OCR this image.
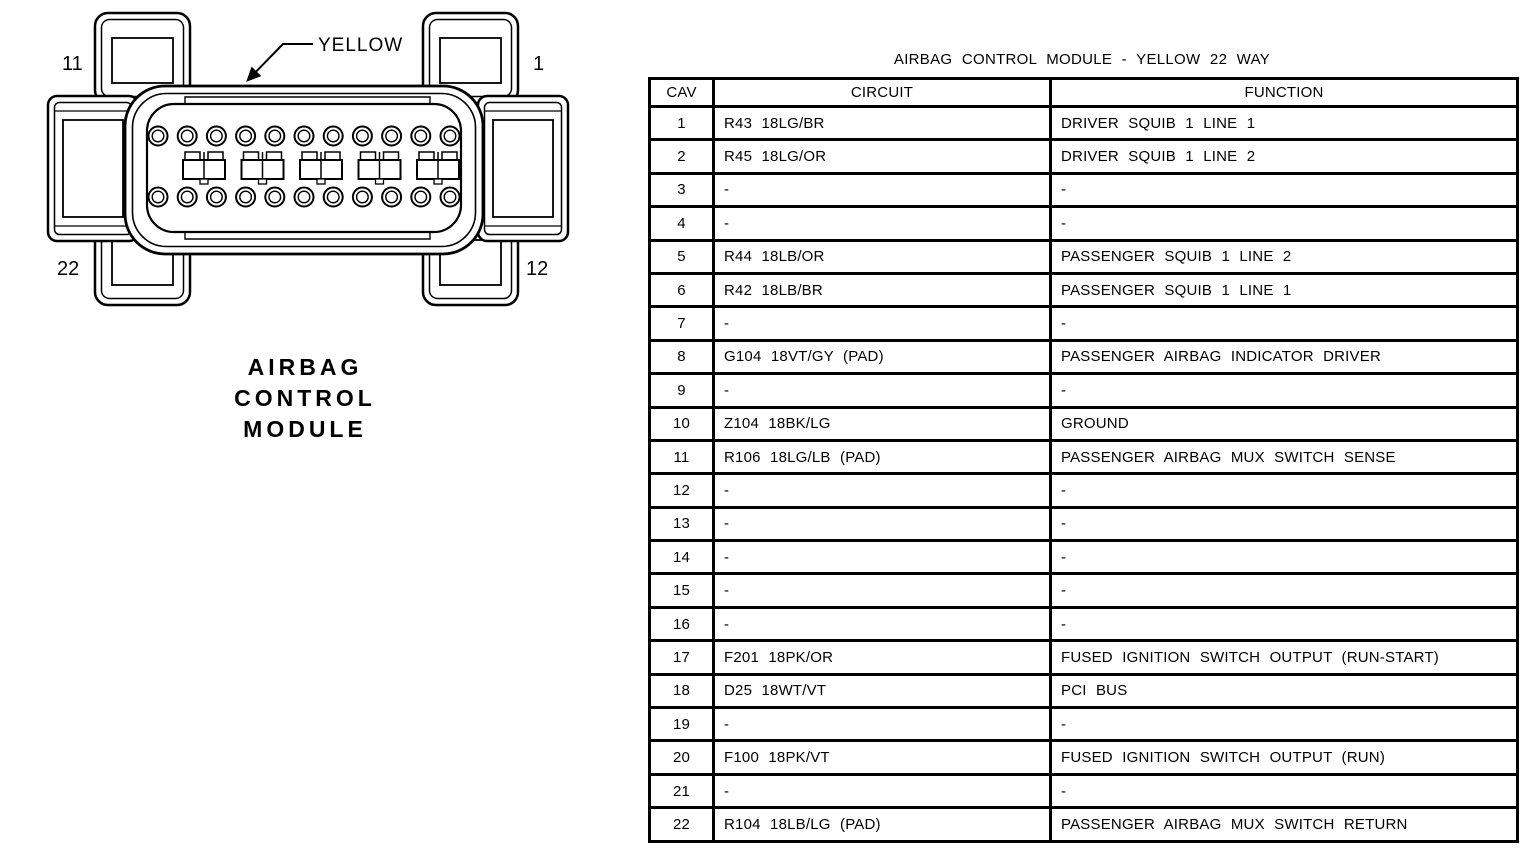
YELLOW
11	1
22	12
AIRBAG
CONTROL
MODULE
AIRBAG CONTROL MODULE - YELLOW 22 WAY
CAV	CIRCUIT	FUNCTION
1	R43 18LG/BR	DRIVER SQUIB 1 LINE 1
2	R45 18LG/OR	DRIVER SQUIB 1 LINE 2
3	-	-
4	-	-
5	R44 18LB/OR	PASSENGER SQUIB 1 LINE 2
6	R42 18LB/BR	PASSENGER SQUIB 1 LINE 1
7	-	-
8	G104 18VT/GY (PAD)	PASSENGER AIRBAG INDICATOR DRIVER
9	-	-
10	Z104 18BK/LG	GROUND
11	R106 18LG/LB (PAD)	PASSENGER AIRBAG MUX SWITCH SENSE
12	-	-
13	-	-
14	-	-
15	-	-
16	-	-
17	F201 18PK/OR	FUSED IGNITION SWITCH OUTPUT (RUN-START)
18	D25 18WT/VT	PCI BUS
19	-	-
20	F100 18PK/VT	FUSED IGNITION SWITCH OUTPUT (RUN)
21	-	-
22	R104 18LB/LG (PAD)	PASSENGER AIRBAG MUX SWITCH RETURN
